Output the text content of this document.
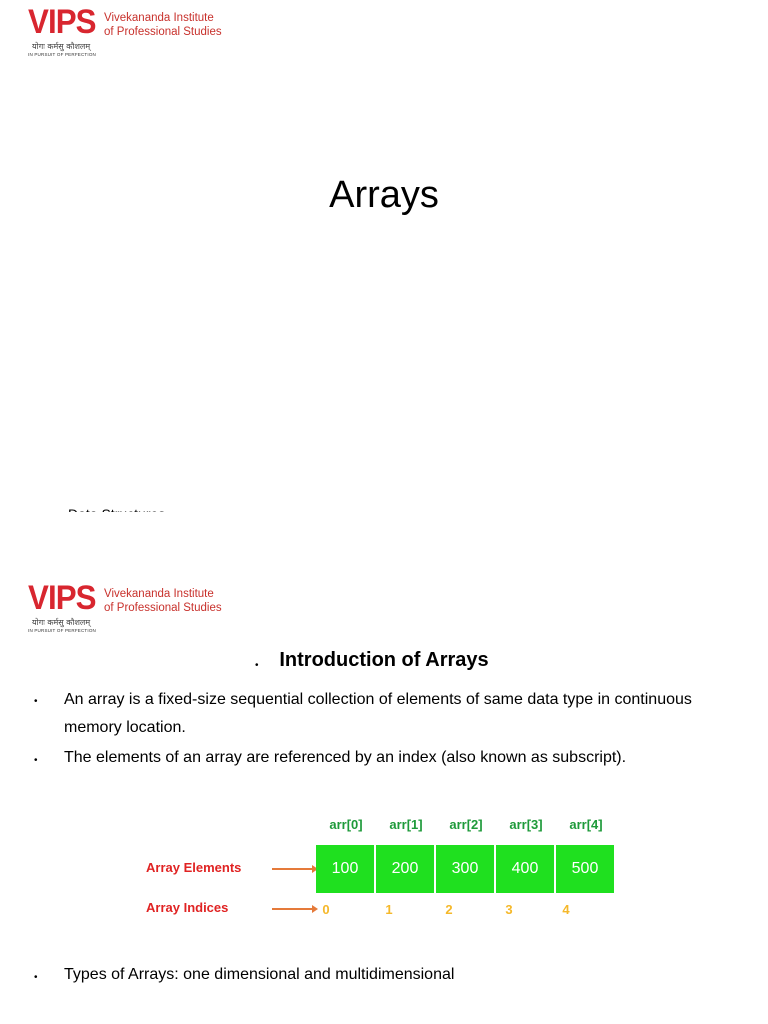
VIPS
योगः कर्मसु कौशलम्
IN PURSUIT OF PERFECTION
Vivekananda Institute
of Professional Studies
Arrays
VIPS
योगः कर्मसु कौशलम्
IN PURSUIT OF PERFECTION
Vivekananda Institute
of Professional Studies
•	Introduction of Arrays
• An array is a fixed-size sequential collection of elements of same data type in continuous memory location.
• The elements of an array are referenced by an index (also known as subscript).
arr[0]	arr[1]	arr[2]	arr[3]	arr[4]
Array Elements	100	200	300	400	500
Array Indices	0	1	2	3	4
• Types of Arrays: one dimensional and multidimensional
